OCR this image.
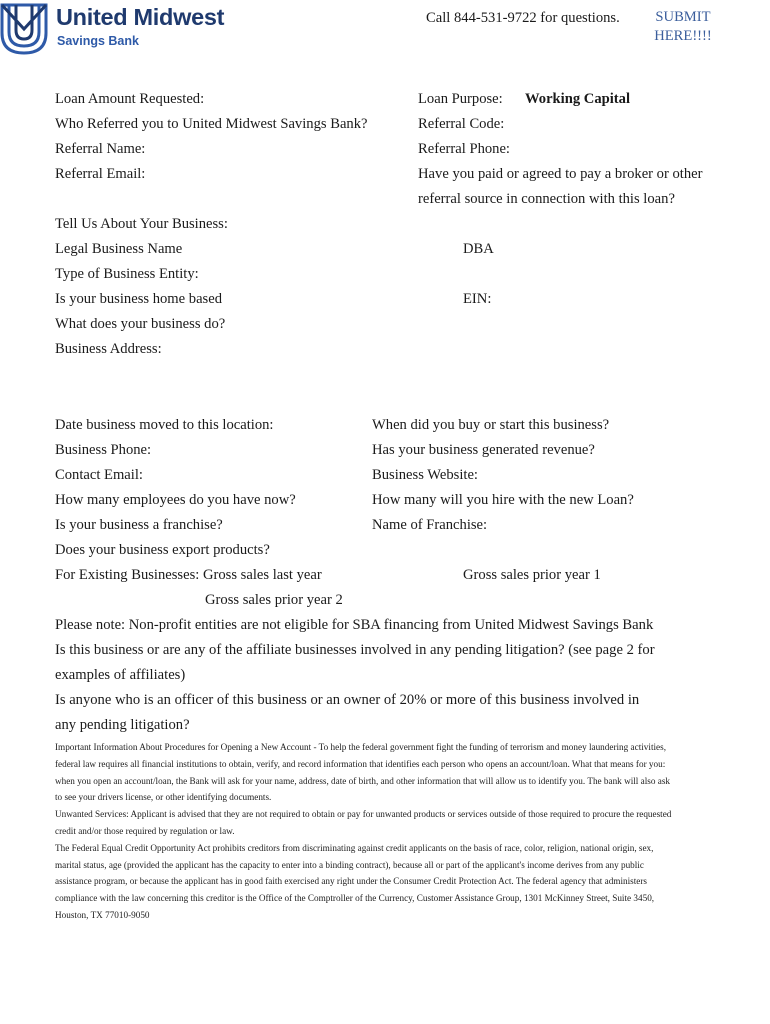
United Midwest
Savings Bank
Call 844-531-9722 for questions.	SUBMIT
HERE!!!!
Loan Amount Requested:	Loan Purpose: Working Capital
Who Referred you to United Midwest Savings Bank?	Referral Code:
Referral Name:	Referral Phone:
Referral Email:	Have you paid or agreed to pay a broker or other
referral source in connection with this loan?
Tell Us About Your Business:
Legal Business Name	DBA
Type of Business Entity:
Is your business home based	EIN:
What does your business do?
Business Address:
Date business moved to this location:	When did you buy or start this business?
Business Phone:	Has your business generated revenue?
Contact Email:	Business Website:
How many employees do you have now?	How many will you hire with the new Loan?
Is your business a franchise?	Name of Franchise:
Does your business export products?
For Existing Businesses: Gross sales last year	Gross sales prior year 1
Gross sales prior year 2
Please note: Non-profit entities are not eligible for SBA financing from United Midwest Savings Bank
Is this business or are any of the affiliate businesses involved in any pending litigation? (see page 2 for
examples of affiliates)
Is anyone who is an officer of this business or an owner of 20% or more of this business involved in
any pending litigation?

Important Information About Procedures for Opening a New Account - To help the federal government fight the funding of terrorism and money laundering activities, federal law requires all financial institutions to obtain, verify, and record information that identifies each person who opens an account/loan. What that means for you: when you open an account/loan, the Bank will ask for your name, address, date of birth, and other information that will allow us to identify you. The bank will also ask to see your drivers license, or other identifying documents.

Unwanted Services: Applicant is advised that they are not required to obtain or pay for unwanted products or services outside of those required to procure the requested credit and/or those required by regulation or law.

The Federal Equal Credit Opportunity Act prohibits creditors from discriminating against credit applicants on the basis of race, color, religion, national origin, sex, marital status, age (provided the applicant has the capacity to enter into a binding contract), because all or part of the applicant's income derives from any public assistance program, or because the applicant has in good faith exercised any right under the Consumer Credit Protection Act. The federal agency that administers compliance with the law concerning this creditor is the Office of the Comptroller of the Currency, Customer Assistance Group, 1301 McKinney Street, Suite 3450, Houston, TX 77010-9050
